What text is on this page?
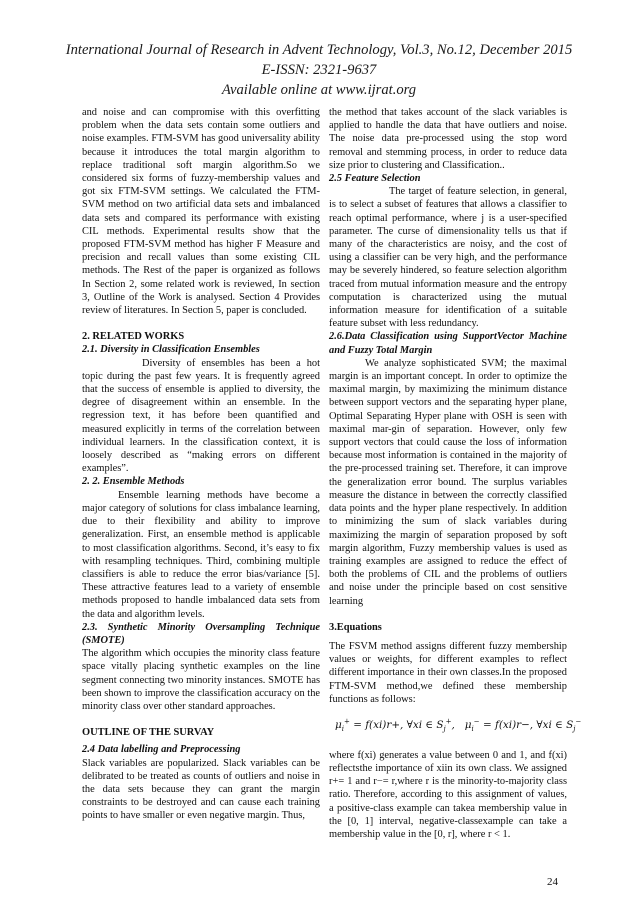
International Journal of Research in Advent Technology, Vol.3, No.12, December 2015
E-ISSN: 2321-9637
Available online at www.ijrat.org

and noise and can compromise with this overfitting problem when the data sets contain some outliers and noise examples. FTM-SVM has good universality ability because it introduces the total margin algorithm to replace traditional soft margin algorithm.So we considered six forms of fuzzy-membership values and got six FTM-SVM settings. We calculated the FTM-SVM method on two artificial data sets and imbalanced data sets and compared its performance with existing CIL methods. Experimental results show that the proposed FTM-SVM method has higher F Measure and precision and recall values than some existing CIL methods. The Rest of the paper is organized as follows In Section 2, some related work is reviewed, In section 3, Outline of the Work is analysed. Section 4 Provides review of literatures. In Section 5, paper is concluded.

2. RELATED WORKS

2.1. Diversity in Classification Ensembles

Diversity of ensembles has been a hot topic during the past few years. It is frequently agreed that the success of ensemble is applied to diversity, the degree of disagreement within an ensemble. In the regression text, it has before been quantified and measured explicitly in terms of the correlation between individual learners. In the classification context, it is loosely described as “making errors on different examples”.

2. 2. Ensemble Methods

Ensemble learning methods have become a major category of solutions for class imbalance learning, due to their flexibility and ability to improve generalization. First, an ensemble method is applicable to most classification algorithms. Second, it’s easy to fix with resampling techniques. Third, combining multiple classifiers is able to reduce the error bias/variance [5]. These attractive features lead to a variety of ensemble methods proposed to handle imbalanced data sets from the data and algorithm levels.

2.3. Synthetic Minority Oversampling Technique (SMOTE)

The algorithm which occupies the minority class feature space vitally placing synthetic examples on the line segment connecting two minority instances. SMOTE has been shown to improve the classification accuracy on the minority class over other standard approaches.

OUTLINE OF THE SURVAY

2.4 Data labelling and Preprocessing

Slack variables are popularized. Slack variables can be delibrated to be treated as counts of outliers and noise in the data sets because they can grant the margin constraints to be destroyed and can cause each training points to have smaller or even negative margin. Thus,

the method that takes account of the slack variables is applied to handle the data that have outliers and noise. The noise data pre-processed using the stop word removal and stemming process, in order to reduce data size prior to clustering and Classification..

2.5 Feature Selection

The target of feature selection, in general, is to select a subset of features that allows a classifier to reach optimal performance, where j is a user-specified parameter. The curse of dimensionality tells us that if many of the characteristics are noisy, and the cost of using a classifier can be very high, and the performance may be severely hindered, so feature selection algorithm traced from mutual information measure and the entropy computation is characterized using the mutual information measure for identification of a suitable feature subset with less redundancy.

2.6.Data Classification using SupportVector Machine and Fuzzy Total Margin

We analyze sophisticated SVM; the maximal margin is an important concept. In order to optimize the maximal margin, by maximizing the minimum distance between support vectors and the separating hyper plane, Optimal Separating Hyper plane with OSH is seen with maximal mar-gin of separation. However, only few support vectors that could cause the loss of information because most information is contained in the majority of the pre-processed training set. Therefore, it can improve the generalization error bound. The surplus variables measure the distance in between the correctly classified data points and the hyper plane respectively. In addition to minimizing the sum of slack variables during maximizing the margin of separation proposed by soft margin algorithm, Fuzzy membership values is used as training examples are assigned to reduce the effect of both the problems of CIL and the problems of outliers and noise under the principle based on cost sensitive learning

3.Equations

The FSVM method assigns different fuzzy membership values or weights, for different examples to reflect different importance in their own classes.In the proposed FTM-SVM method,we defined these membership functions as follows:

$\mu_i^+ = f(xi)r+$, ∀xi ∈ $S_j^+$, $\mu_i^- = f(xi)r-$, ∀xi ∈ $S_j^-$

where f(xi) generates a value between 0 and 1, and f(xi) reflectsthe importance of xiin its own class. We assigned r+= 1 and r−= r,where r is the minority-to-majority class ratio. Therefore, according to this assignment of values, a positive-class example can takea membership value in the [0, 1] interval, negative-classexample can take a membership value in the [0, r], where r < 1.

24
